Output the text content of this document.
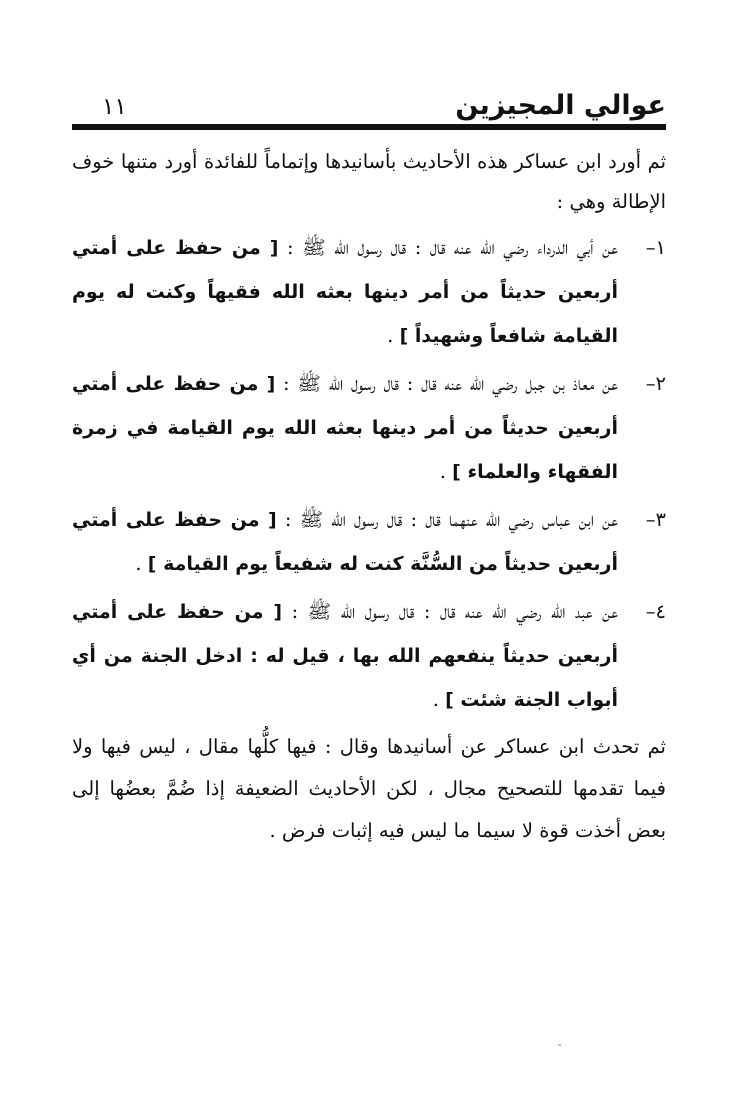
عوالي المجيزين
١١

ثم أورد ابن عساكر هذه الأحاديث بأسانيدها وإتماماً للفائدة أورد متنها خوف الإطالة وهي :

١–
عن أبي الدرداء رضي الله عنه قال : قال رسول الله ﷺ : [ من حفظ على أمتي أربعين حديثاً من أمر دينها بعثه الله فقيهاً وكنت له يوم القيامة شافعاً وشهيداً ] .
٢–
عن معاذ بن جبل رضي الله عنه قال : قال رسول الله ﷺ : [ من حفظ على أمتي أربعين حديثاً من أمر دينها بعثه الله يوم القيامة في زمرة الفقهاء والعلماء ] .
٣–
عن ابن عباس رضي الله عنهما قال : قال رسول الله ﷺ : [ من حفظ على أمتي أربعين حديثاً من السُّنَّة كنت له شفيعاً يوم القيامة ] .
٤–
عن عبد الله رضي الله عنه قال : قال رسول الله ﷺ : [ من حفظ على أمتي أربعين حديثاً ينفعهم الله بها ، قيل له : ادخل الجنة من أي أبواب الجنة شئت ] .

ثم تحدث ابن عساكر عن أسانيدها وقال : فيها كلُّها مقال ، ليس فيها ولا فيما تقدمها للتصحيح مجال ، لكن الأحاديث الضعيفة إذا ضُمَّ بعضُها إلى بعض أخذت قوة لا سيما ما ليس فيه إثبات فرض .

-
